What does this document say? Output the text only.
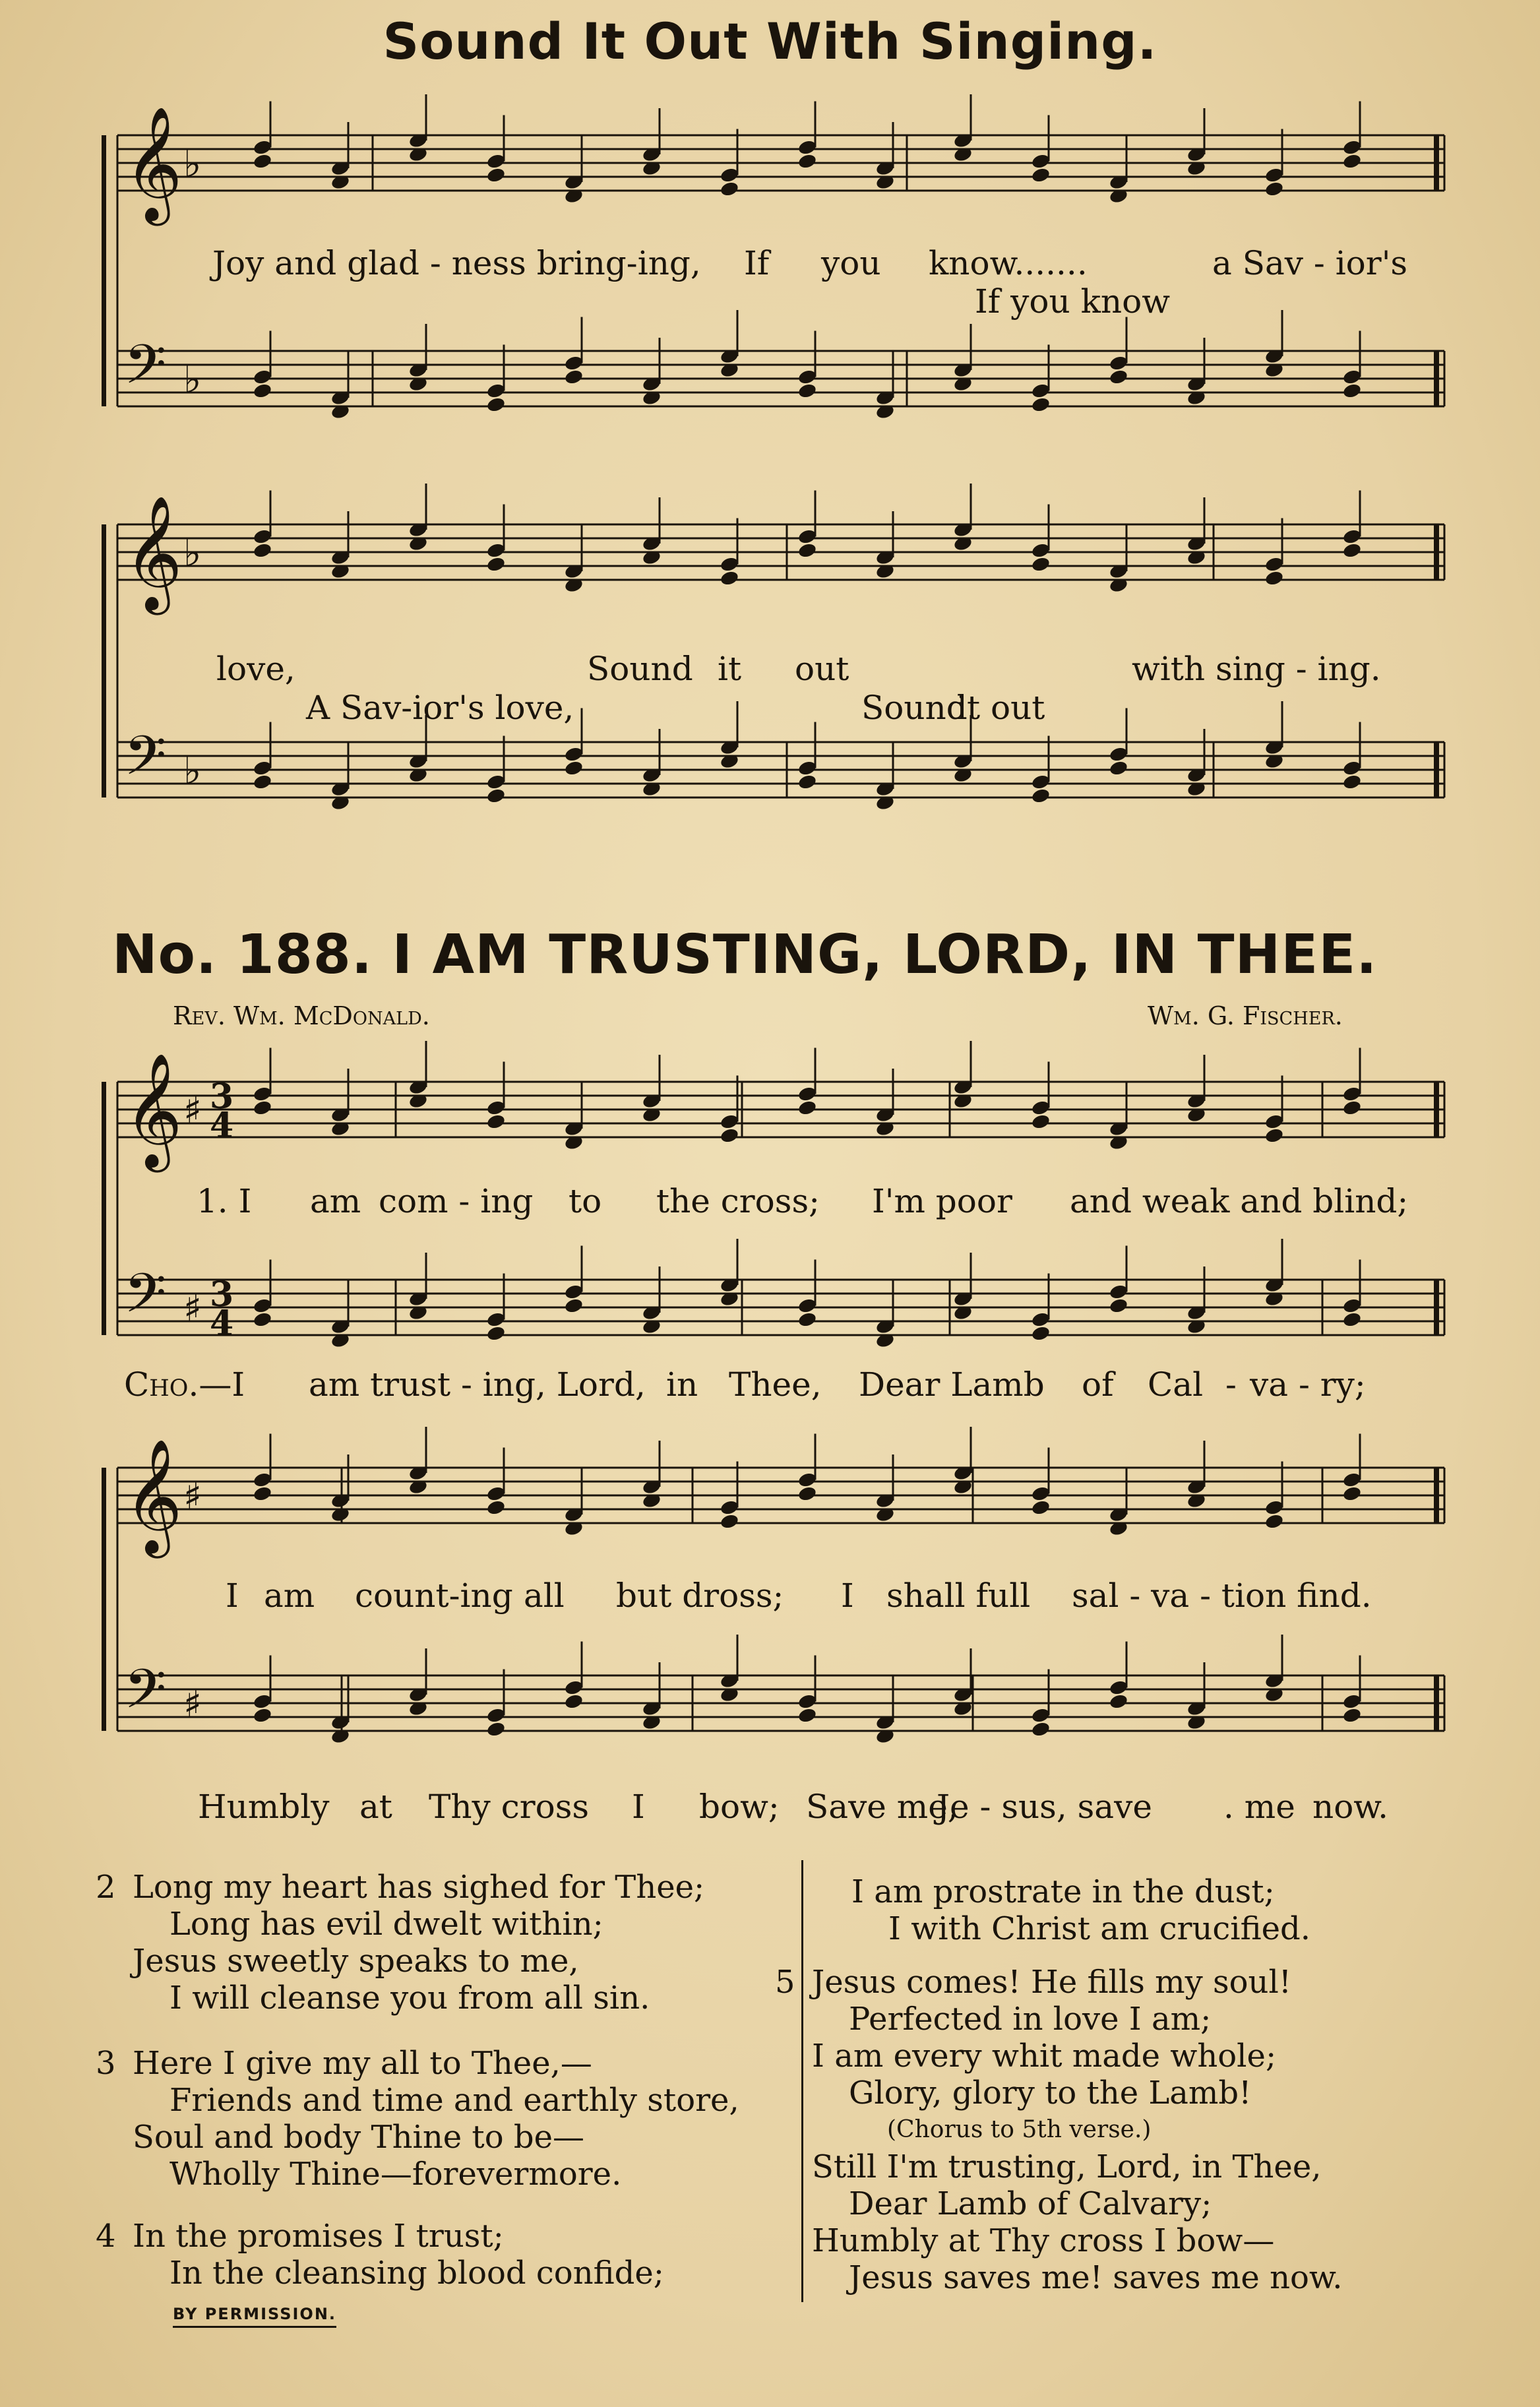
Sound It Out With Singing.
𝄞
𝄢
𝄞
𝄢
𝄞
𝄢
𝄞
𝄢
♭
♭
♭
♭
♯
♯
♯
♯
3
4
3
4
Joy and glad - ness bring-ing, If you know.......	a Sav - ior's
If you know
love,	Sound it out	with sing - ing.
A Sav-ior's love,	Sound
it out
No. 188. I AM TRUSTING, LORD, IN THEE.
Rev. Wm. McDonald.	Wm. G. Fischer.
1. I am com - ing to the cross; I'm poor and weak and blind;
Cho.—I am trust - ing, Lord, in Thee, Dear Lamb of Cal - va - ry;
I am count-ing all but dross; I shall full sal - va - tion find.
Humbly at Thy cross I bow; Save me,
Je - sus, save . me now.
2 Long my heart has sighed for Thee;
Long has evil dwelt within;
Jesus sweetly speaks to me,
I will cleanse you from all sin.
3 Here I give my all to Thee,—
Friends and time and earthly store,
Soul and body Thine to be—
Wholly Thine—forevermore.
4 In the promises I trust;
In the cleansing blood confide;
I am prostrate in the dust;
I with Christ am crucified.
5 Jesus comes! He fills my soul!
Perfected in love I am;
I am every whit made whole;
Glory, glory to the Lamb!
(Chorus to 5th verse.)
Still I'm trusting, Lord, in Thee,
Dear Lamb of Calvary;
Humbly at Thy cross I bow—
Jesus saves me! saves me now.
BY PERMISSION.
